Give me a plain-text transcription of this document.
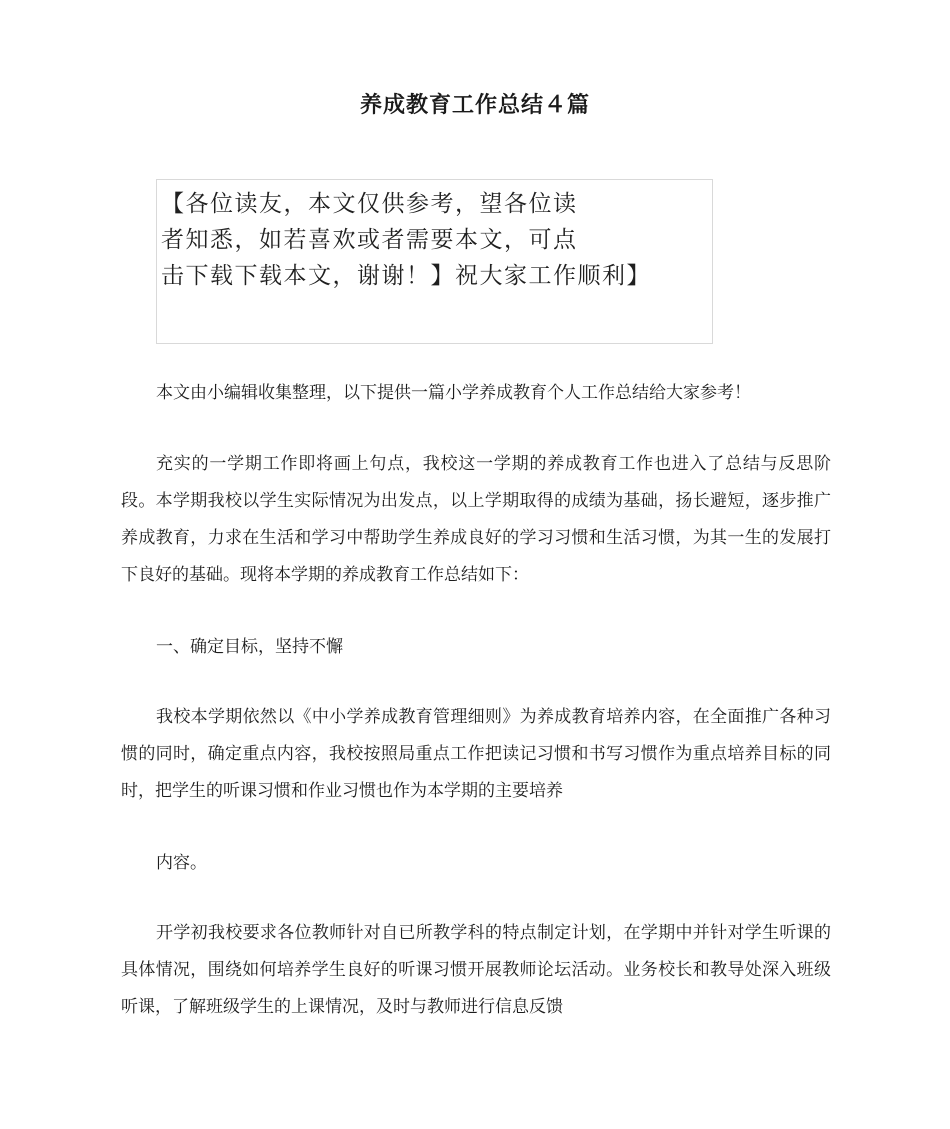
养成教育工作总结４篇
【各位读友，本文仅供参考，望各位读
者知悉，如若喜欢或者需要本文，可点
击下载下载本文，谢谢！】祝大家工作顺利】

本文由小编辑收集整理，以下提供一篇小学养成教育个人工作总结给大家参考！

充实的一学期工作即将画上句点，我校这一学期的养成教育工作也进入了总结与反思阶段。本学期我校以学生实际情况为出发点，以上学期取得的成绩为基础，扬长避短，逐步推广养成教育，力求在生活和学习中帮助学生养成良好的学习习惯和生活习惯，为其一生的发展打下良好的基础。现将本学期的养成教育工作总结如下：

一、确定目标，坚持不懈

我校本学期依然以《中小学养成教育管理细则》为养成教育培养内容，在全面推广各种习惯的同时，确定重点内容，我校按照局重点工作把读记习惯和书写习惯作为重点培养目标的同时，把学生的听课习惯和作业习惯也作为本学期的主要培养

内容。

开学初我校要求各位教师针对自已所教学科的特点制定计划，在学期中并针对学生听课的具体情况，围绕如何培养学生良好的听课习惯开展教师论坛活动。业务校长和教导处深入班级听课，了解班级学生的上课情况，及时与教师进行信息反馈
